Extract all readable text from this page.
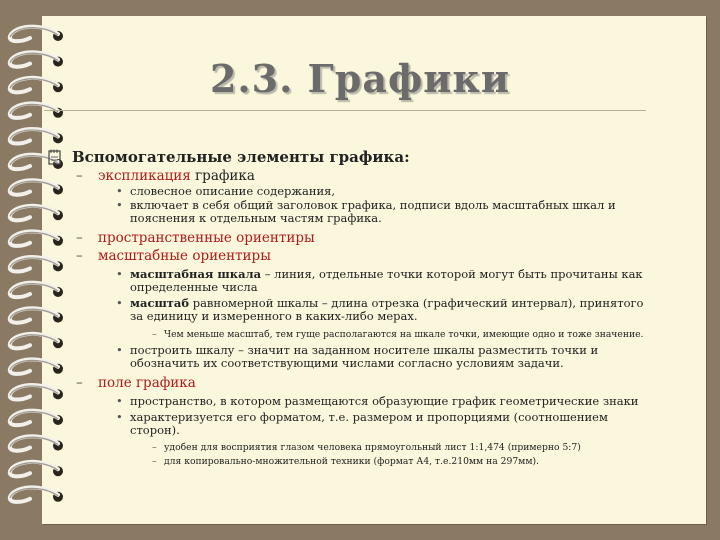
2.3. Графики
Вспомогательные элементы графика:
– экспликация графика
• словесное описание содержания,
• включает в себя общий заголовок графика, подписи вдоль масштабных шкал и пояснения к отдельным частям графика.
– пространственные ориентиры
– масштабные ориентиры
• масштабная шкала – линия, отдельные точки которой могут быть прочитаны как определенные числа
• масштаб равномерной шкалы – длина отрезка (графический интервал), принятого за единицу и измеренного в каких-либо мерах.
– Чем меньше масштаб, тем гуще располагаются на шкале точки, имеющие одно и тоже значение.
• построить шкалу – значит на заданном носителе шкалы разместить точки и обозначить их соответствующими числами согласно условиям задачи.
– поле графика
• пространство, в котором размещаются образующие график геометрические знаки
• характеризуется его форматом, т.е. размером и пропорциями (соотношением сторон).
– удобен для восприятия глазом человека прямоугольный лист 1:1,474 (примерно 5:7)
– для копировально-множительной техники (формат А4, т.е.210мм на 297мм).
